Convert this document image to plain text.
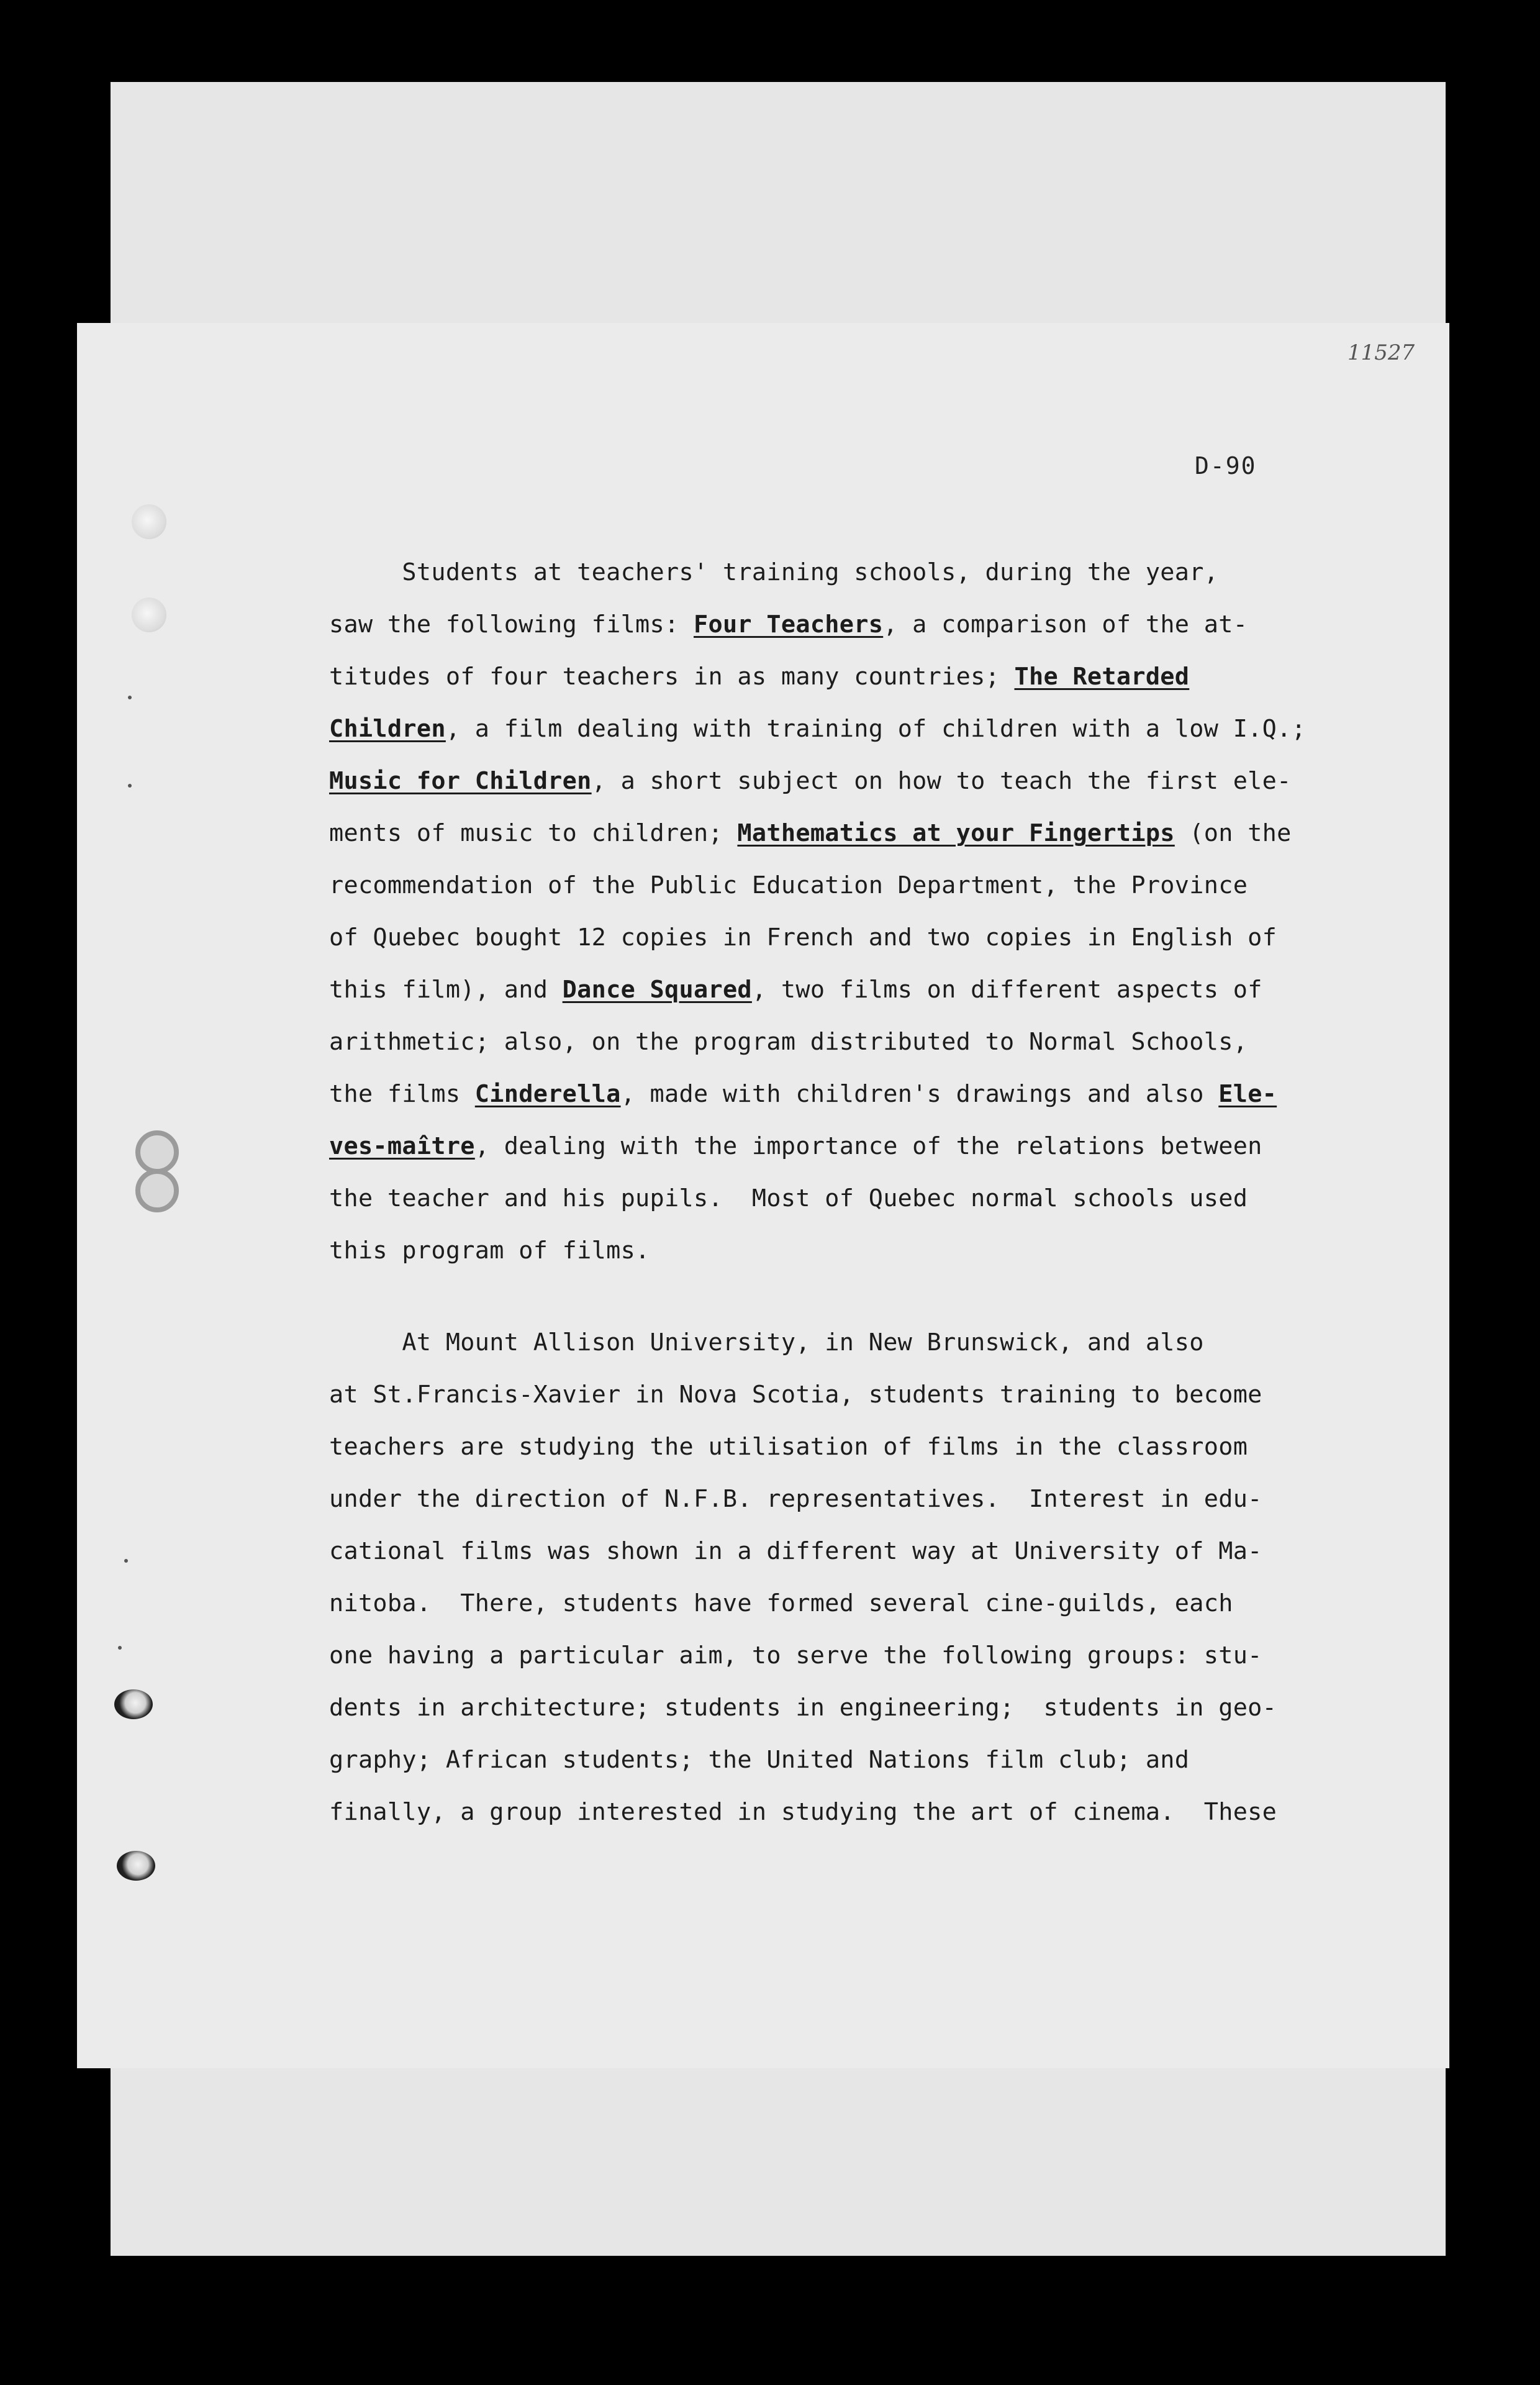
11527
D-90
Students at teachers' training schools, during the year,
saw the following films: Four Teachers, a comparison of the at-
titudes of four teachers in as many countries; The Retarded
Children, a film dealing with training of children with a low I.Q.;
Music for Children, a short subject on how to teach the first ele-
ments of music to children; Mathematics at your Fingertips (on the
recommendation of the Public Education Department, the Province
of Quebec bought 12 copies in French and two copies in English of
this film), and Dance Squared, two films on different aspects of
arithmetic; also, on the program distributed to Normal Schools,
the films Cinderella, made with children's drawings and also Ele-
ves-maître, dealing with the importance of the relations between
the teacher and his pupils.  Most of Quebec normal schools used
this program of films.
At Mount Allison University, in New Brunswick, and also
at St.Francis-Xavier in Nova Scotia, students training to become
teachers are studying the utilisation of films in the classroom
under the direction of N.F.B. representatives.  Interest in edu-
cational films was shown in a different way at University of Ma-
nitoba.  There, students have formed several cine-guilds, each
one having a particular aim, to serve the following groups: stu-
dents in architecture; students in engineering;  students in geo-
graphy; African students; the United Nations film club; and
finally, a group interested in studying the art of cinema.  These
